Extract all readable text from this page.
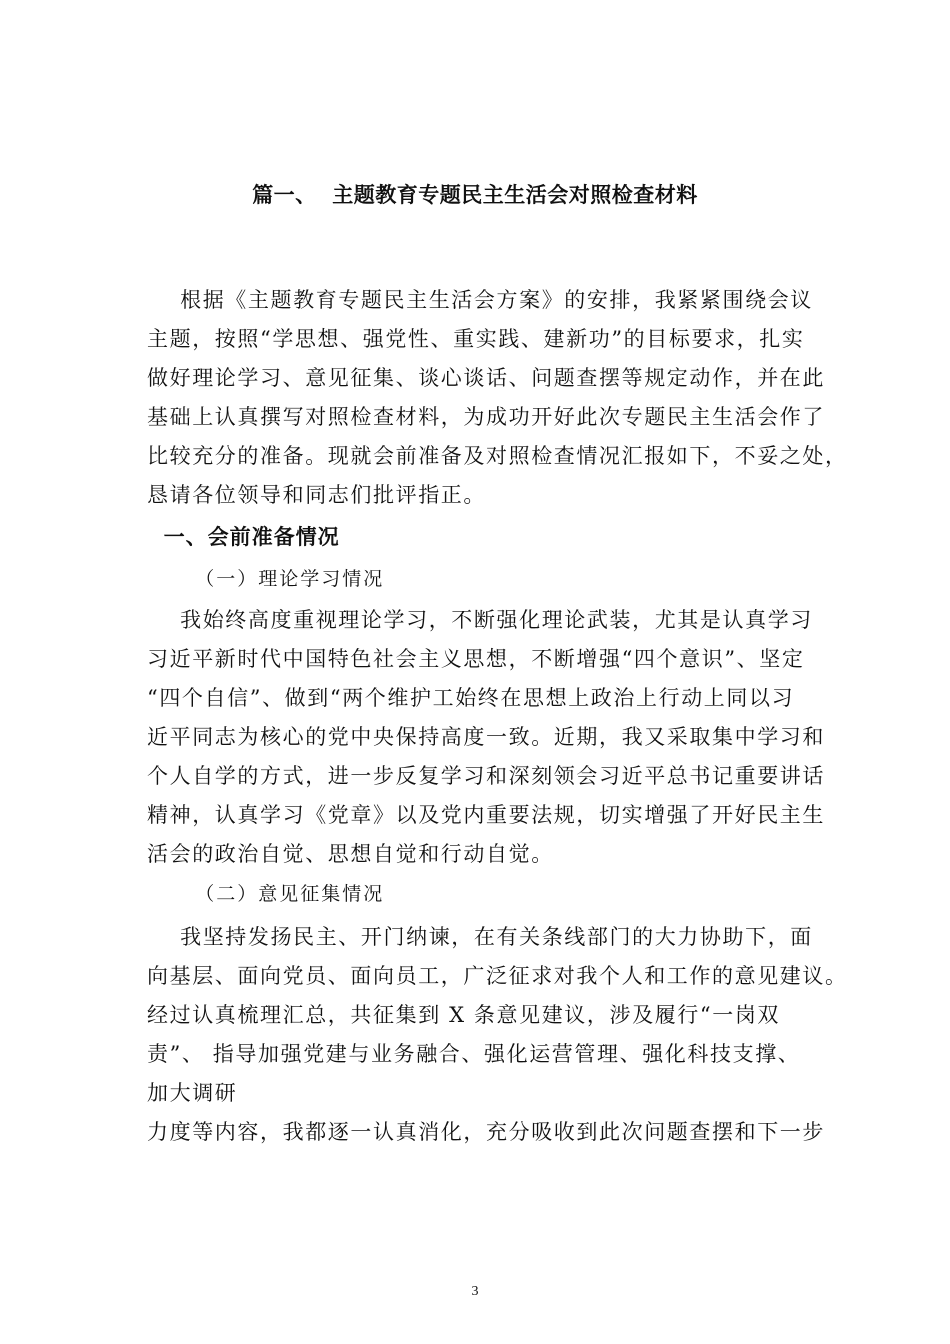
篇一、  主题教育专题民主生活会对照检查材料
根据《主题教育专题民主生活会方案》的安排，我紧紧围绕会议
主题，按照“学思想、强党性、重实践、建新功”的目标要求，扎实
做好理论学习、意见征集、谈心谈话、问题查摆等规定动作，并在此
基础上认真撰写对照检查材料，为成功开好此次专题民主生活会作了
比较充分的准备。现就会前准备及对照检查情况汇报如下，不妥之处，
恳请各位领导和同志们批评指正。
一、会前准备情况
（一）理论学习情况
我始终高度重视理论学习，不断强化理论武装，尤其是认真学习
习近平新时代中国特色社会主义思想，不断增强“四个意识”、坚定
“四个自信”、做到“两个维护工始终在思想上政治上行动上同以习
近平同志为核心的党中央保持高度一致。近期，我又采取集中学习和
个人自学的方式，进一步反复学习和深刻领会习近平总书记重要讲话
精神，认真学习《党章》以及党内重要法规，切实增强了开好民主生
活会的政治自觉、思想自觉和行动自觉。
（二）意见征集情况
我坚持发扬民主、开门纳谏，在有关条线部门的大力协助下，面
向基层、面向党员、面向员工，广泛征求对我个人和工作的意见建议。
经过认真梳理汇总，共征集到 X 条意见建议，涉及履行“一岗双
责”、 指导加强党建与业务融合、强化运营管理、强化科技支撑、
加大调研
力度等内容，我都逐一认真消化，充分吸收到此次问题查摆和下一步
3
